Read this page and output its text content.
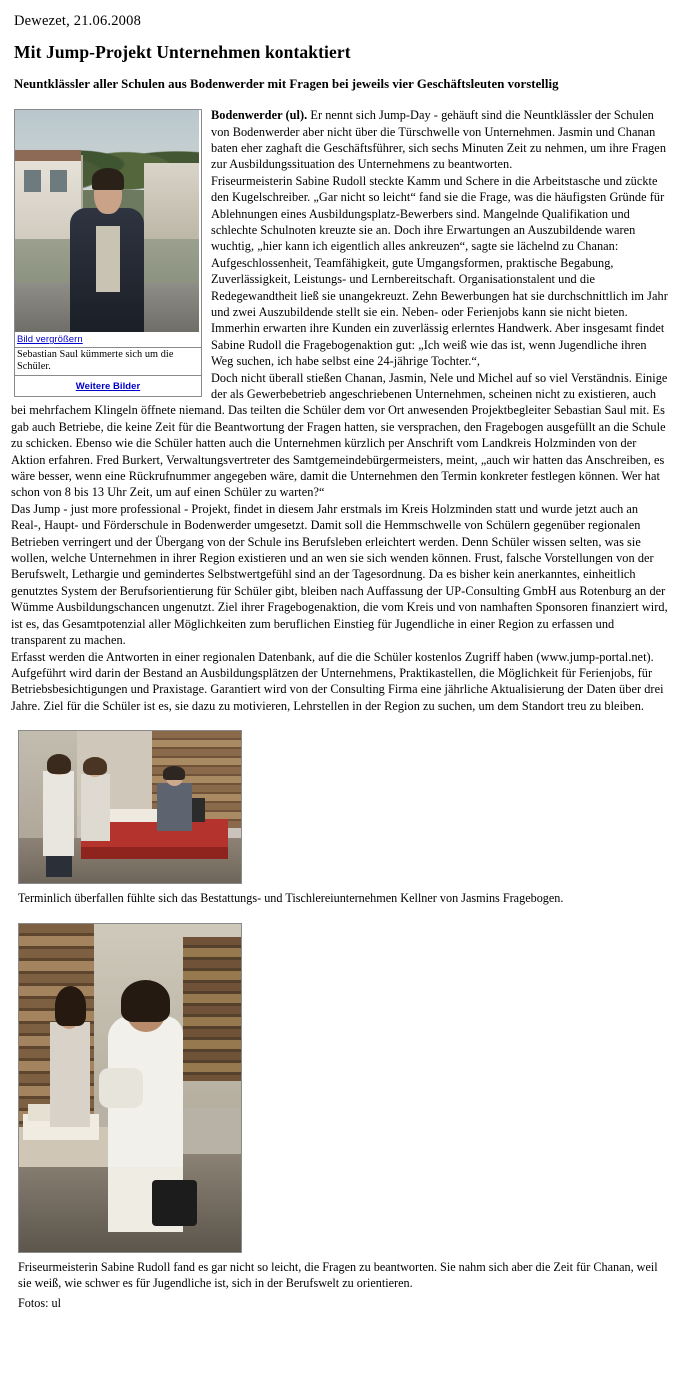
Dewezet, 21.06.2008
Mit Jump-Projekt Unternehmen kontaktiert
Neuntklässler aller Schulen aus Bodenwerder mit Fragen bei jeweils vier Geschäftsleuten vorstellig
Bild vergrößern
Sebastian Saul kümmerte sich um die Schüler.
Weitere Bilder

Bodenwerder (ul). Er nennt sich Jump-Day - gehäuft sind die Neuntklässler der Schulen von Bodenwerder aber nicht über die Türschwelle von Unternehmen. Jasmin und Chanan baten eher zaghaft die Geschäftsführer, sich sechs Minuten Zeit zu nehmen, um ihre Fragen zur Ausbildungssituation des Unternehmens zu beantworten.

Friseurmeisterin Sabine Rudoll steckte Kamm und Schere in die Arbeitstasche und zückte den Kugelschreiber. „Gar nicht so leicht“ fand sie die Frage, was die häufigsten Gründe für Ablehnungen eines Ausbildungsplatz-Bewerbers sind. Mangelnde Qualifikation und schlechte Schulnoten kreuzte sie an. Doch ihre Erwartungen an Auszubildende waren wuchtig, „hier kann ich eigentlich alles ankreuzen“, sagte sie lächelnd zu Chanan: Aufgeschlossenheit, Teamfähigkeit, gute Umgangsformen, praktische Begabung, Zuverlässigkeit, Leistungs- und Lernbereitschaft. Organisationstalent und die Redegewandtheit ließ sie unangekreuzt. Zehn Bewerbungen hat sie durchschnittlich im Jahr und zwei Auszubildende stellt sie ein. Neben- oder Ferienjobs kann sie nicht bieten. Immerhin erwarten ihre Kunden ein zuverlässig erlerntes Handwerk. Aber insgesamt findet Sabine Rudoll die Fragebogenaktion gut: „Ich weiß wie das ist, wenn Jugendliche ihren Weg suchen, ich habe selbst eine 24-jährige Tochter.“,

Doch nicht überall stießen Chanan, Jasmin, Nele und Michel auf so viel Verständnis. Einige der als Gewerbebetrieb angeschriebenen Unternehmen, scheinen nicht zu existieren, auch bei mehrfachem Klingeln öffnete niemand. Das teilten die Schüler dem vor Ort anwesenden Projektbegleiter Sebastian Saul mit. Es gab auch Betriebe, die keine Zeit für die Beantwortung der Fragen hatten, sie versprachen, den Fragebogen ausgefüllt an die Schule zu schicken. Ebenso wie die Schüler hatten auch die Unternehmen kürzlich per Anschrift vom Landkreis Holzminden von der Aktion erfahren. Fred Burkert, Verwaltungsvertreter des Samtgemeindebürgermeisters, meint, „auch wir hatten das Anschreiben, es wäre besser, wenn eine Rückrufnummer angegeben wäre, damit die Unternehmen den Termin konkreter festlegen können. Wer hat schon von 8 bis 13 Uhr Zeit, um auf einen Schüler zu warten?“

Das Jump - just more professional - Projekt, findet in diesem Jahr erstmals im Kreis Holzminden statt und wurde jetzt auch an Real-, Haupt- und Förderschule in Bodenwerder umgesetzt. Damit soll die Hemmschwelle von Schülern gegenüber regionalen Betrieben verringert und der Übergang von der Schule ins Berufsleben erleichtert werden. Denn Schüler wissen selten, was sie wollen, welche Unternehmen in ihrer Region existieren und an wen sie sich wenden können. Frust, falsche Vorstellungen von der Berufswelt, Lethargie und gemindertes Selbstwertgefühl sind an der Tagesordnung. Da es bisher kein anerkanntes, einheitlich genutztes System der Berufsorientierung für Schüler gibt, bleiben nach Auffassung der UP-Consulting GmbH aus Rotenburg an der Wümme Ausbildungschancen ungenutzt. Ziel ihrer Fragebogenaktion, die vom Kreis und von namhaften Sponsoren finanziert wird, ist es, das Gesamtpotenzial aller Möglichkeiten zum beruflichen Einstieg für Jugendliche in einer Region zu erfassen und transparent zu machen.

Erfasst werden die Antworten in einer regionalen Datenbank, auf die die Schüler kostenlos Zugriff haben (www.jump-portal.net). Aufgeführt wird darin der Bestand an Ausbildungsplätzen der Unternehmens, Praktikastellen, die Möglichkeit für Ferienjobs, für Betriebsbesichtigungen und Praxistage. Garantiert wird von der Consulting Firma eine jährliche Aktualisierung der Daten über drei Jahre. Ziel für die Schüler ist es, sie dazu zu motivieren, Lehrstellen in der Region zu suchen, um dem Standort treu zu bleiben.

Terminlich überfallen fühlte sich das Bestattungs- und Tischlereiunternehmen Kellner von Jasmins Fragebogen.
Friseurmeisterin Sabine Rudoll fand es gar nicht so leicht, die Fragen zu beantworten. Sie nahm sich aber die Zeit für Chanan, weil sie weiß, wie schwer es für Jugendliche ist, sich in der Berufswelt zu orientieren.
Fotos: ul
